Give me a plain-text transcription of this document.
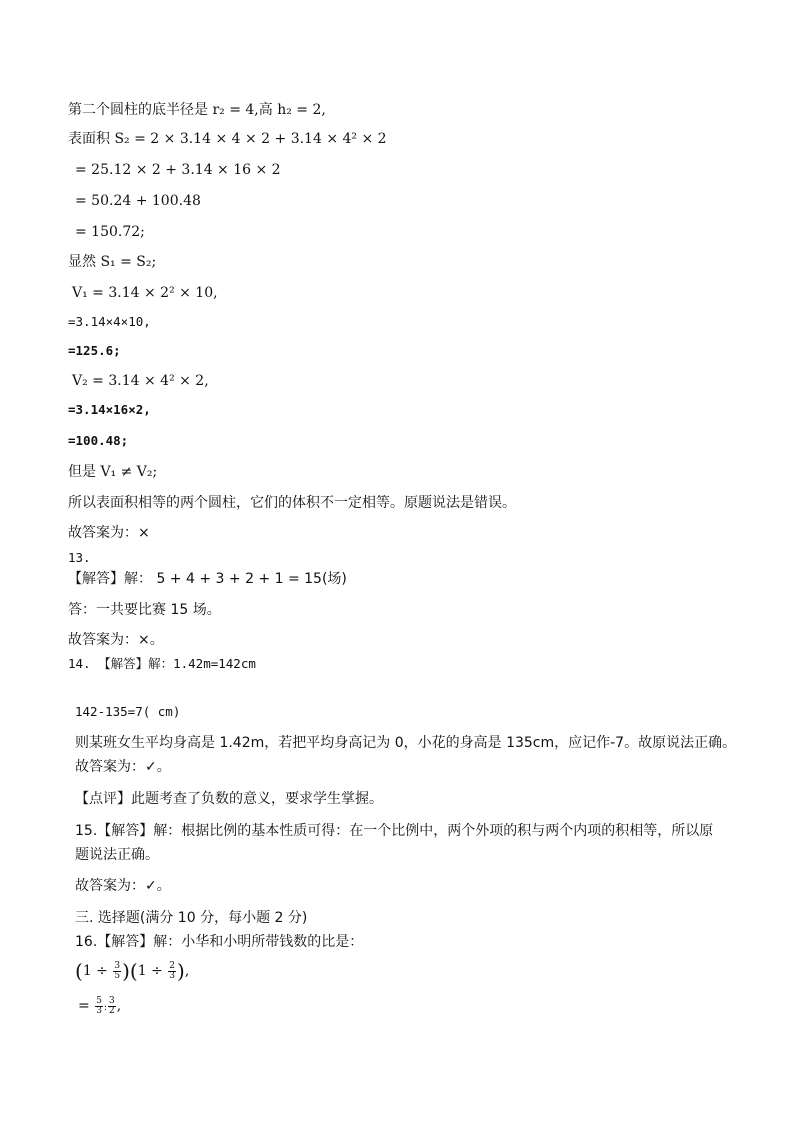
第二个圆柱的底半径是 r₂ = 4,高 h₂ = 2,
表面积 S₂ = 2 × 3.14 × 4 × 2 + 3.14 × 4² × 2
= 25.12 × 2 + 3.14 × 16 × 2
= 50.24 + 100.48
= 150.72;
显然 S₁ = S₂;
V₁ = 3.14 × 2² × 10,
=3.14×4×10,
=125.6;
V₂ = 3.14 × 4² × 2,
=3.14×16×2,
=100.48;
但是 V₁ ≠ V₂;
所以表面积相等的两个圆柱，它们的体积不一定相等。原题说法是错误。
故答案为：×
13.
【解答】解： 5 + 4 + 3 + 2 + 1 = 15(场)
答：一共要比赛 15 场。
故答案为：×。
14. 【解答】解：1.42m=142cm
142-135=7( cm)
则某班女生平均身高是 1.42m，若把平均身高记为 0，小花的身高是 135cm，应记作-7。故原说法正确。
故答案为：✓。
【点评】此题考查了负数的意义，要求学生掌握。
15.【解答】解：根据比例的基本性质可得：在一个比例中，两个外项的积与两个内项的积相等，所以原
题说法正确。
故答案为：✓。
三. 选择题(满分 10 分，每小题 2 分)
16.【解答】解：小华和小明所带钱数的比是：
$(1 \div \frac{3}{5} )(1 \div \frac{2}{3}$ ),
= $\frac{5}{3}$ : $\frac{3}{2}$ ,
